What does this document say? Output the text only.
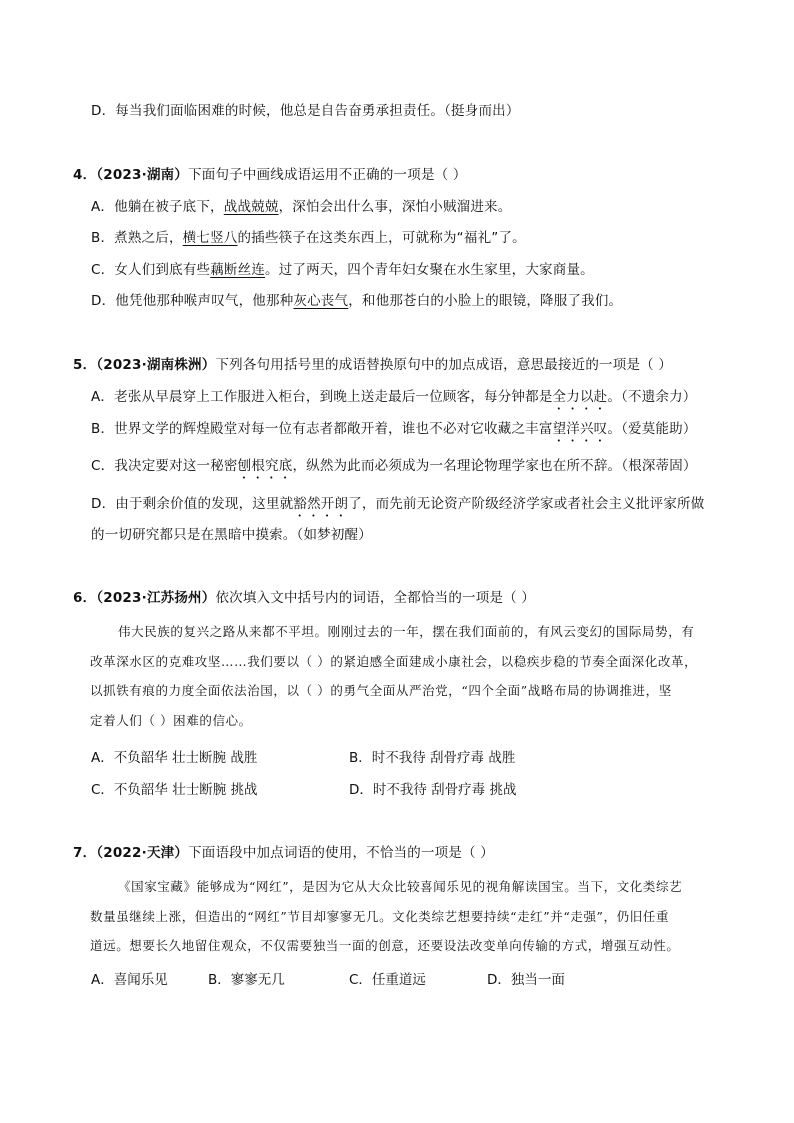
D．每当我们面临困难的时候，他总是自告奋勇承担责任。（挺身而出）
4．（2023·湖南）下面句子中画线成语运用不正确的一项是（ ）
A．他躺在被子底下，战战兢兢，深怕会出什么事，深怕小贼溜进来。
B．煮熟之后，横七竖八的插些筷子在这类东西上，可就称为“福礼”了。
C．女人们到底有些藕断丝连。过了两天，四个青年妇女聚在水生家里，大家商量。
D．他凭他那种喉声叹气，他那种灰心丧气，和他那苍白的小脸上的眼镜，降服了我们。
5．（2023·湖南株洲）下列各句用括号里的成语替换原句中的加点成语，意思最接近的一项是（ ）
A．老张从早晨穿上工作服进入柜台，到晚上送走最后一位顾客，每分钟都是全力以赴。（不遗余力）
B．世界文学的辉煌殿堂对每一位有志者都敞开着，谁也不必对它收藏之丰富望洋兴叹。（爱莫能助）
C．我决定要对这一秘密刨根究底，纵然为此而必须成为一名理论物理学家也在所不辞。（根深蒂固）
D．由于剩余价值的发现，这里就豁然开朗了，而先前无论资产阶级经济学家或者社会主义批评家所做
的一切研究都只是在黑暗中摸索。（如梦初醒）
6．（2023·江苏扬州）依次填入文中括号内的词语，全都恰当的一项是（ ）
伟大民族的复兴之路从来都不平坦。刚刚过去的一年，摆在我们面前的，有风云变幻的国际局势，有
改革深水区的克难攻坚……我们要以（ ）的紧迫感全面建成小康社会，以稳疾步稳的节奏全面深化改革，
以抓铁有痕的力度全面依法治国，以（ ）的勇气全面从严治党，“四个全面”战略布局的协调推进，坚
定着人们（ ）困难的信心。
A．不负韶华 壮士断腕 战胜	B．时不我待 刮骨疗毒 战胜
C．不负韶华 壮士断腕 挑战	D．时不我待 刮骨疗毒 挑战
7．（2022·天津）下面语段中加点词语的使用，不恰当的一项是（ ）
《国家宝藏》能够成为“网红”，是因为它从大众比较喜闻乐见的视角解读国宝。当下，文化类综艺
数量虽继续上涨，但造出的“网红”节目却寥寥无几。文化类综艺想要持续“走红”并“走强”，仍旧任重
道远。想要长久地留住观众，不仅需要独当一面的创意，还要设法改变单向传输的方式，增强互动性。
A．喜闻乐见	B．寥寥无几	C．任重道远	D．独当一面
